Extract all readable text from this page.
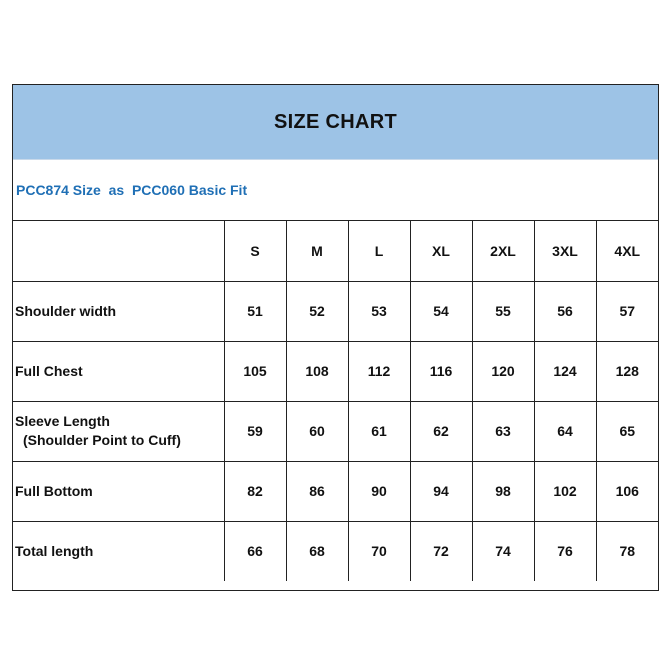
SIZE CHART
PCC874 Size  as  PCC060 Basic Fit
	S	M	L	XL	2XL	3XL	4XL
Shoulder width	51	52	53	54	55	56	57
Full Chest	105	108	112	116	120	124	128

Sleeve Length
(Shoulder Point to Cuff)	59	60	61	62	63	64	65
Full Bottom	82	86	90	94	98	102	106
Total length	66	68	70	72	74	76	78
